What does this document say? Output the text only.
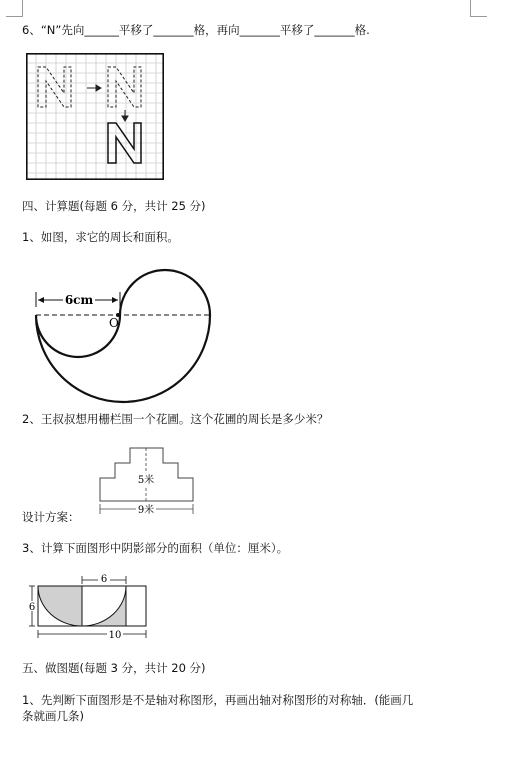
6、“N”先向______平移了_______格，再向_______平移了_______格.
四、计算题(每题 6 分，共计 25 分)
1、如图，求它的周长和面积。
6cm
O
2、王叔叔想用栅栏围一个花圃。这个花圃的周长是多少米？
5米
9米
设计方案：
3、计算下面图形中阴影部分的面积（单位：厘米）。
6
6
10
五、做图题(每题 3 分，共计 20 分)
1、先判断下面图形是不是轴对称图形，再画出轴对称图形的对称轴．(能画几
条就画几条)
